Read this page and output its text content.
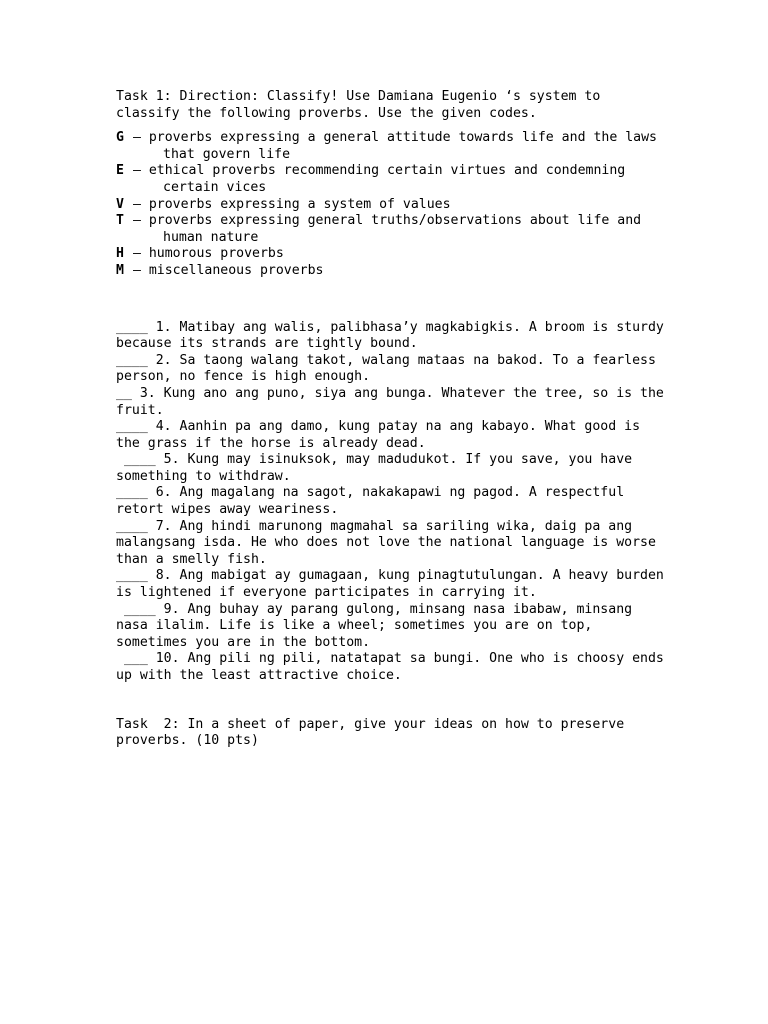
Task 1: Direction: Classify! Use Damiana Eugenio ‘s system to
classify the following proverbs. Use the given codes.
G – proverbs expressing a general attitude towards life and the laws
that govern life
E – ethical proverbs recommending certain virtues and condemning
certain vices
V – proverbs expressing a system of values
T – proverbs expressing general truths/observations about life and
human nature
H – humorous proverbs
M – miscellaneous proverbs
____ 1. Matibay ang walis, palibhasa’y magkabigkis. A broom is sturdy
because its strands are tightly bound.
____ 2. Sa taong walang takot, walang mataas na bakod. To a fearless
person, no fence is high enough.
__ 3. Kung ano ang puno, siya ang bunga. Whatever the tree, so is the
fruit.
____ 4. Aanhin pa ang damo, kung patay na ang kabayo. What good is
the grass if the horse is already dead.
____ 5. Kung may isinuksok, may madudukot. If you save, you have
something to withdraw.
____ 6. Ang magalang na sagot, nakakapawi ng pagod. A respectful
retort wipes away weariness.
____ 7. Ang hindi marunong magmahal sa sariling wika, daig pa ang
malangsang isda. He who does not love the national language is worse
than a smelly fish.
____ 8. Ang mabigat ay gumagaan, kung pinagtutulungan. A heavy burden
is lightened if everyone participates in carrying it.
____ 9. Ang buhay ay parang gulong, minsang nasa ibabaw, minsang
nasa ilalim. Life is like a wheel; sometimes you are on top,
sometimes you are in the bottom.
___ 10. Ang pili ng pili, natatapat sa bungi. One who is choosy ends
up with the least attractive choice.
Task  2: In a sheet of paper, give your ideas on how to preserve
proverbs. (10 pts)
